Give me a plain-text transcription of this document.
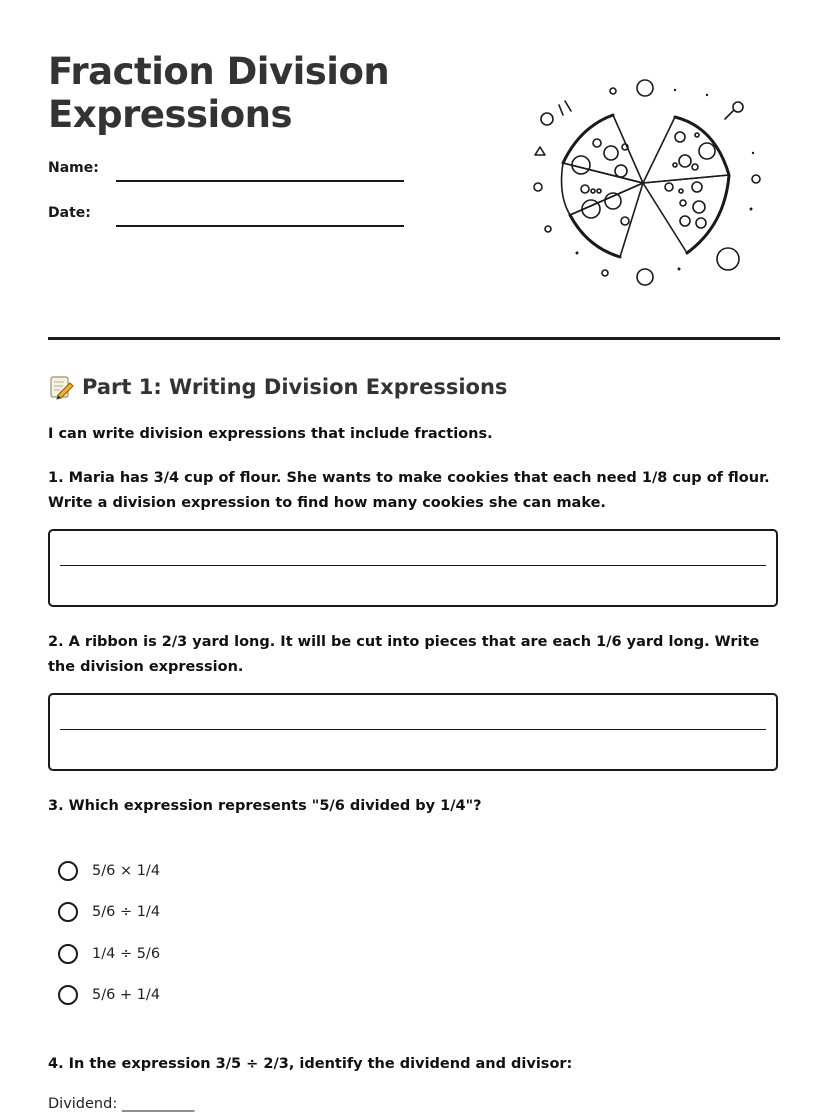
Fraction Division
Expressions
Name:
Date:
Part 1: Writing Division Expressions
I can write division expressions that include fractions.
1. Maria has 3/4 cup of flour. She wants to make cookies that each need 1/8 cup of flour. Write a division expression to find how many cookies she can make.
2. A ribbon is 2/3 yard long. It will be cut into pieces that are each 1/6 yard long. Write the division expression.
3. Which expression represents "5/6 divided by 1/4"?
5/6 × 1/4
5/6 ÷ 1/4
1/4 ÷ 5/6
5/6 + 1/4
4. In the expression 3/5 ÷ 2/3, identify the dividend and divisor:
Dividend: __________
